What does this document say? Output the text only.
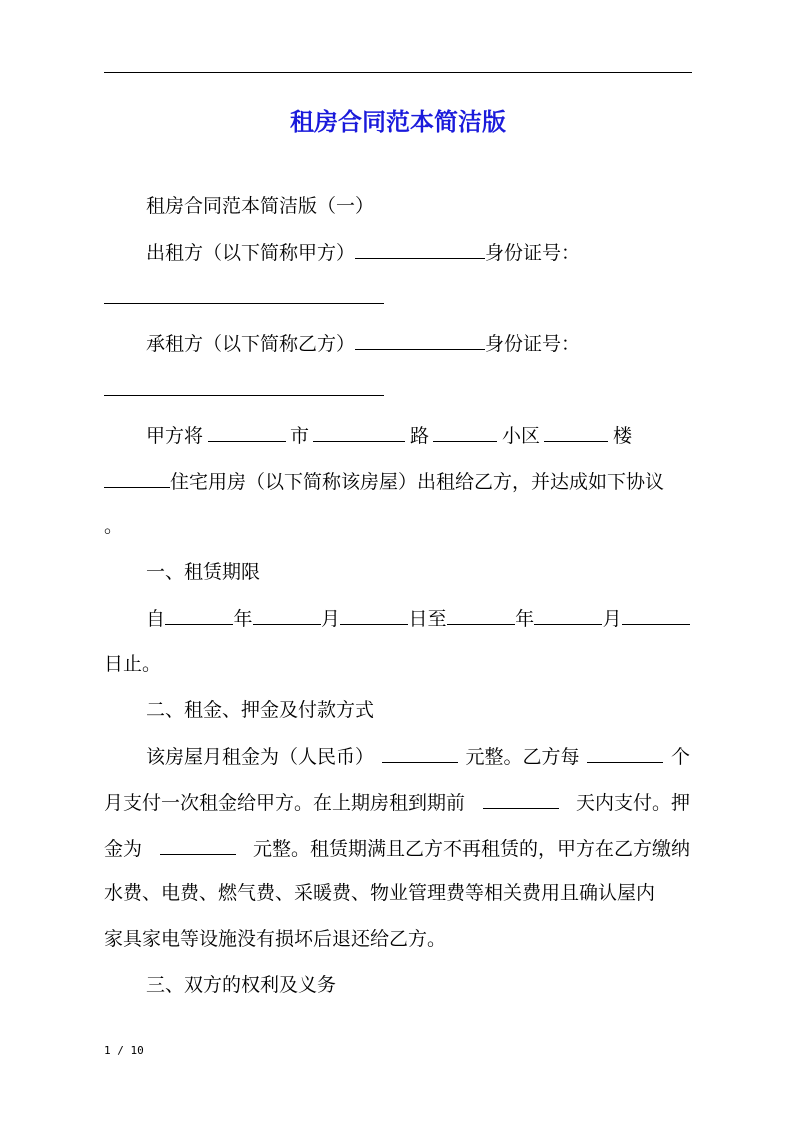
租房合同范本简洁版

租房合同范本简洁版（一）

出租方（以下简称甲方）	身份证号：

承租方（以下简称乙方）	身份证号：

甲方将	市	路	小区	楼

住宅用房（以下简称该房屋）出租给乙方，并达成如下协议

。

一、租赁期限

自	年	月	日至	年	月

日止。

二、租金、押金及付款方式

该房屋月租金为（人民币）	元整。乙方每	个

月支付一次租金给甲方。在上期房租到期前	天内支付。押

金为	元整。租赁期满且乙方不再租赁的，甲方在乙方缴纳

水费、电费、燃气费、采暖费、物业管理费等相关费用且确认屋内

家具家电等设施没有损坏后退还给乙方。

三、双方的权利及义务

1 / 10
